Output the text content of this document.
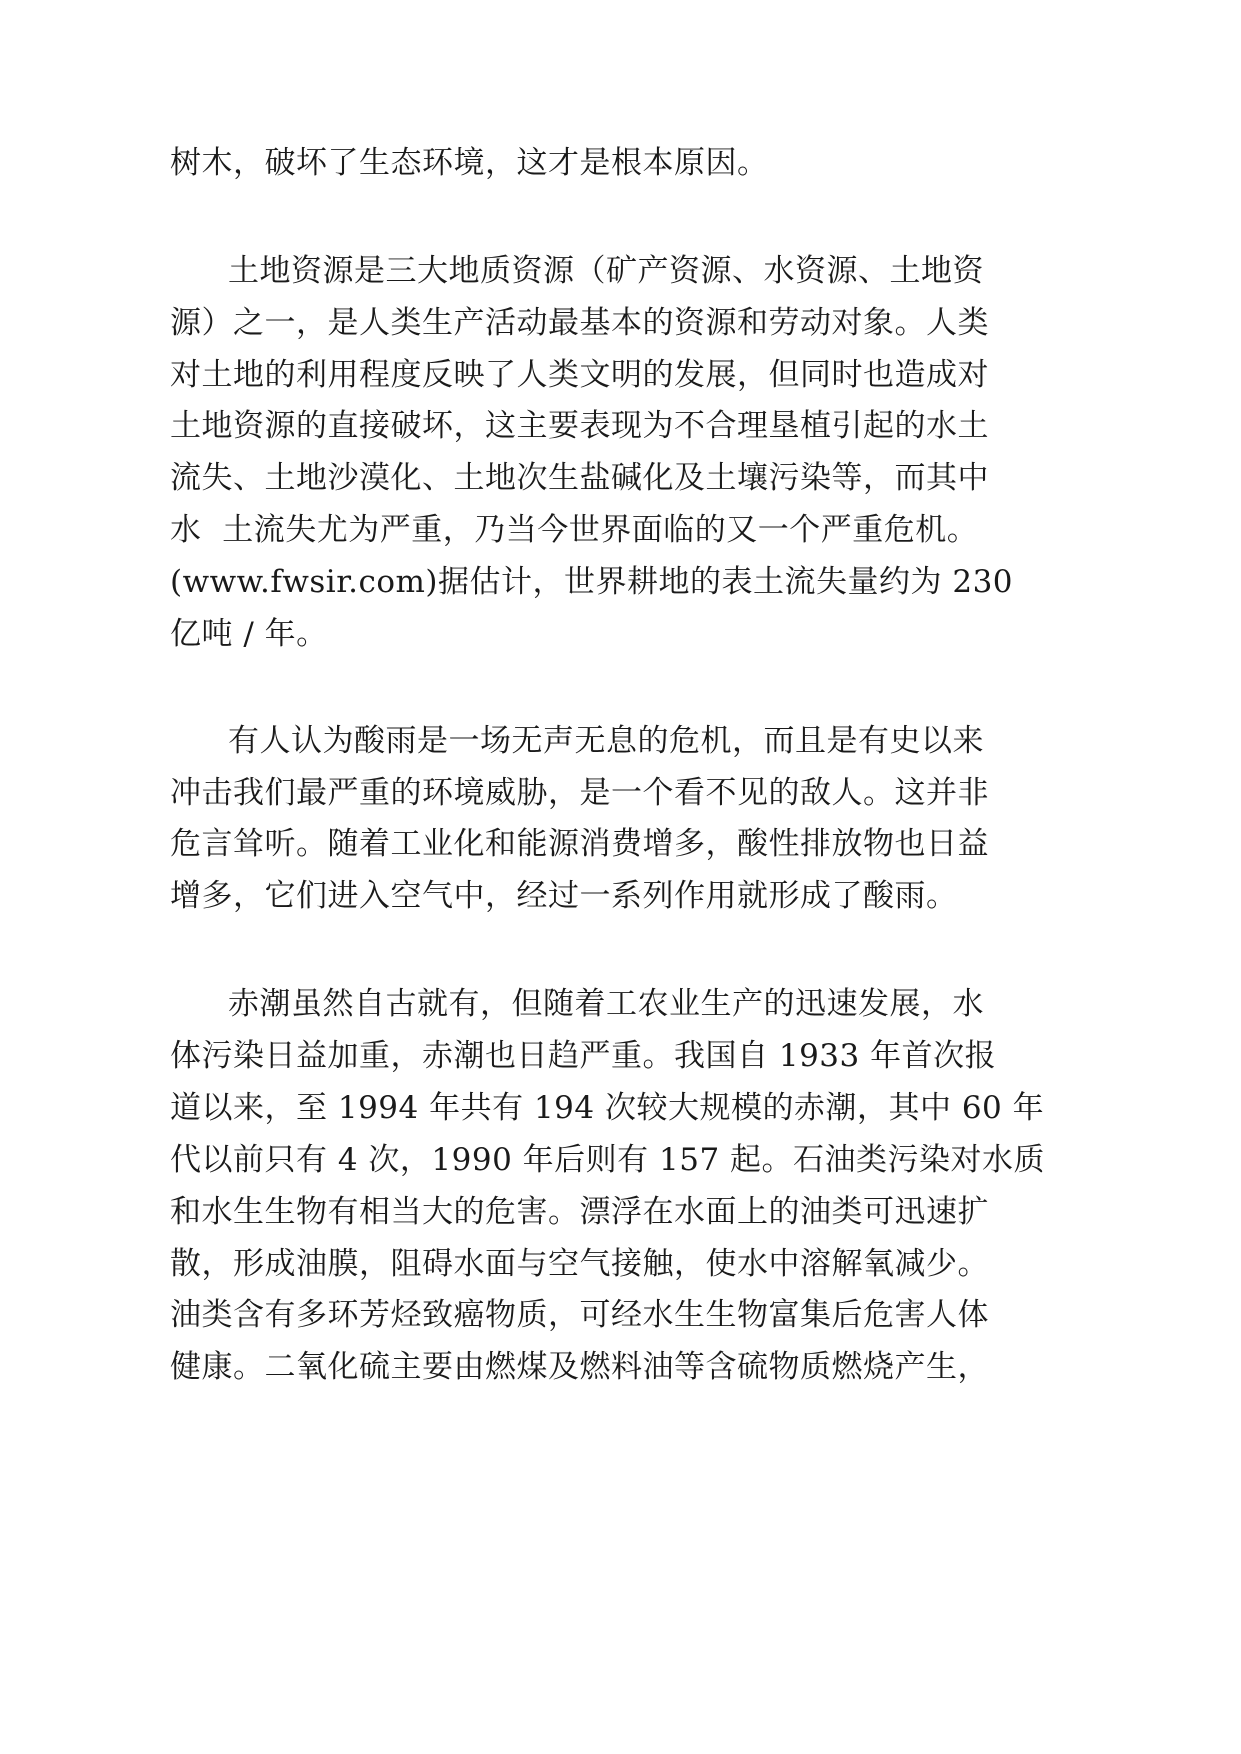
树木，破坏了生态环境，这才是根本原因。
土地资源是三大地质资源（矿产资源、水资源、土地资
源）之一，是人类生产活动最基本的资源和劳动对象。人类
对土地的利用程度反映了人类文明的发展，但同时也造成对
土地资源的直接破坏，这主要表现为不合理垦植引起的水土
流失、土地沙漠化、土地次生盐碱化及土壤污染等，而其中
水  土流失尤为严重，乃当今世界面临的又一个严重危机。
(www.fwsir.com)据估计，世界耕地的表土流失量约为 230
亿吨 / 年。
有人认为酸雨是一场无声无息的危机，而且是有史以来
冲击我们最严重的环境威胁，是一个看不见的敌人。这并非
危言耸听。随着工业化和能源消费增多，酸性排放物也日益
增多，它们进入空气中，经过一系列作用就形成了酸雨。
赤潮虽然自古就有，但随着工农业生产的迅速发展，水
体污染日益加重，赤潮也日趋严重。我国自 1933 年首次报
道以来，至 1994 年共有 194 次较大规模的赤潮，其中 60 年
代以前只有 4 次，1990 年后则有 157 起。石油类污染对水质
和水生生物有相当大的危害。漂浮在水面上的油类可迅速扩
散，形成油膜，阻碍水面与空气接触，使水中溶解氧减少。
油类含有多环芳烃致癌物质，可经水生生物富集后危害人体
健康。二氧化硫主要由燃煤及燃料油等含硫物质燃烧产生，
